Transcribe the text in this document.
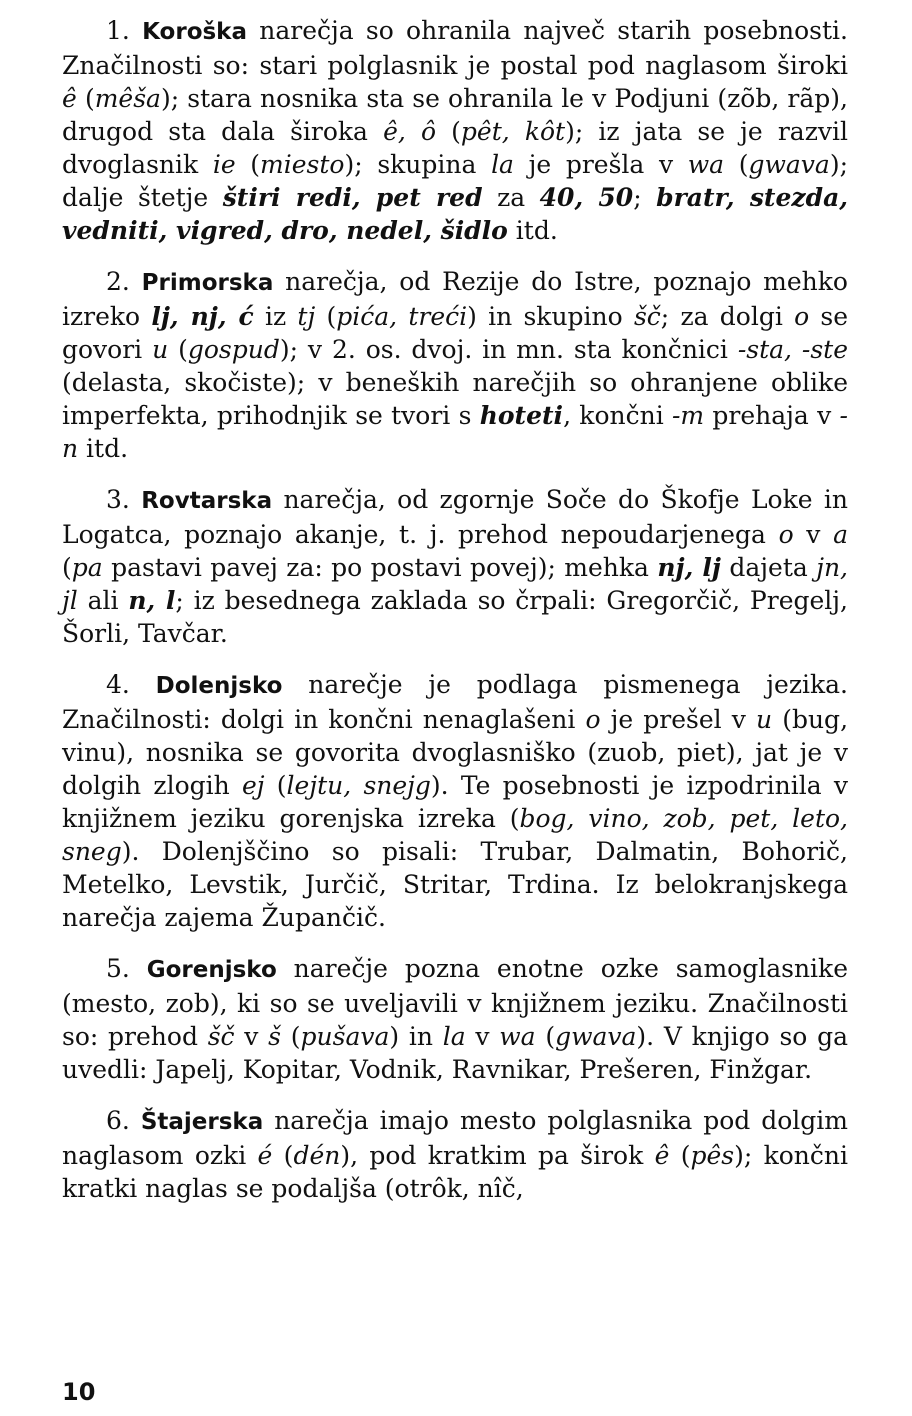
1. Koroška narečja so ohranila največ starih posebnosti. Značilnosti so: stari polglasnik je postal pod naglasom široki ê (mêša); stara nosnika sta se ohranila le v Podjuni (zõb, rãp), drugod sta dala široka ê, ô (pêt, kôt); iz jata se je razvil dvoglasnik ie (miesto); skupina la je prešla v wa (gwava); dalje štetje štiri redi, pet red za 40, 50; bratr, stezda, vedniti, vigred, dro, nedel, šidlo itd.

2. Primorska narečja, od Rezije do Istre, poznajo mehko izreko lj, nj, ć iz tj (pića, treći) in skupino šč; za dolgi o se govori u (gospud); v 2. os. dvoj. in mn. sta končnici -sta, -ste (delasta, skočiste); v beneških narečjih so ohranjene oblike imperfekta, prihodnjik se tvori s hoteti, končni -m prehaja v -n itd.

3. Rovtarska narečja, od zgornje Soče do Škofje Loke in Logatca, poznajo akanje, t. j. prehod nepoudarjenega o v a (pa pastavi pavej za: po postavi povej); mehka nj, lj dajeta jn, jl ali n, l; iz besednega zaklada so črpali: Gregorčič, Pregelj, Šorli, Tavčar.

4. Dolenjsko narečje je podlaga pismenega jezika. Značilnosti: dolgi in končni nenaglašeni o je prešel v u (bug, vinu), nosnika se govorita dvoglasniško (zuob, piet), jat je v dolgih zlogih ej (lejtu, snejg). Te posebnosti je izpodrinila v knjižnem jeziku gorenjska izreka (bog, vino, zob, pet, leto, sneg). Dolenjščino so pisali: Trubar, Dalmatin, Bohorič, Metelko, Levstik, Jurčič, Stritar, Trdina. Iz belokranjskega narečja zajema Župančič.

5. Gorenjsko narečje pozna enotne ozke samoglasnike (mesto, zob), ki so se uveljavili v knjižnem jeziku. Značilnosti so: prehod šč v š (pušava) in la v wa (gwava). V knjigo so ga uvedli: Japelj, Kopitar, Vodnik, Ravnikar, Prešeren, Finžgar.

6. Štajerska narečja imajo mesto polglasnika pod dolgim naglasom ozki é (dén), pod kratkim pa širok ê (pês); končni kratki naglas se podaljša (otrôk, nîč,

10
